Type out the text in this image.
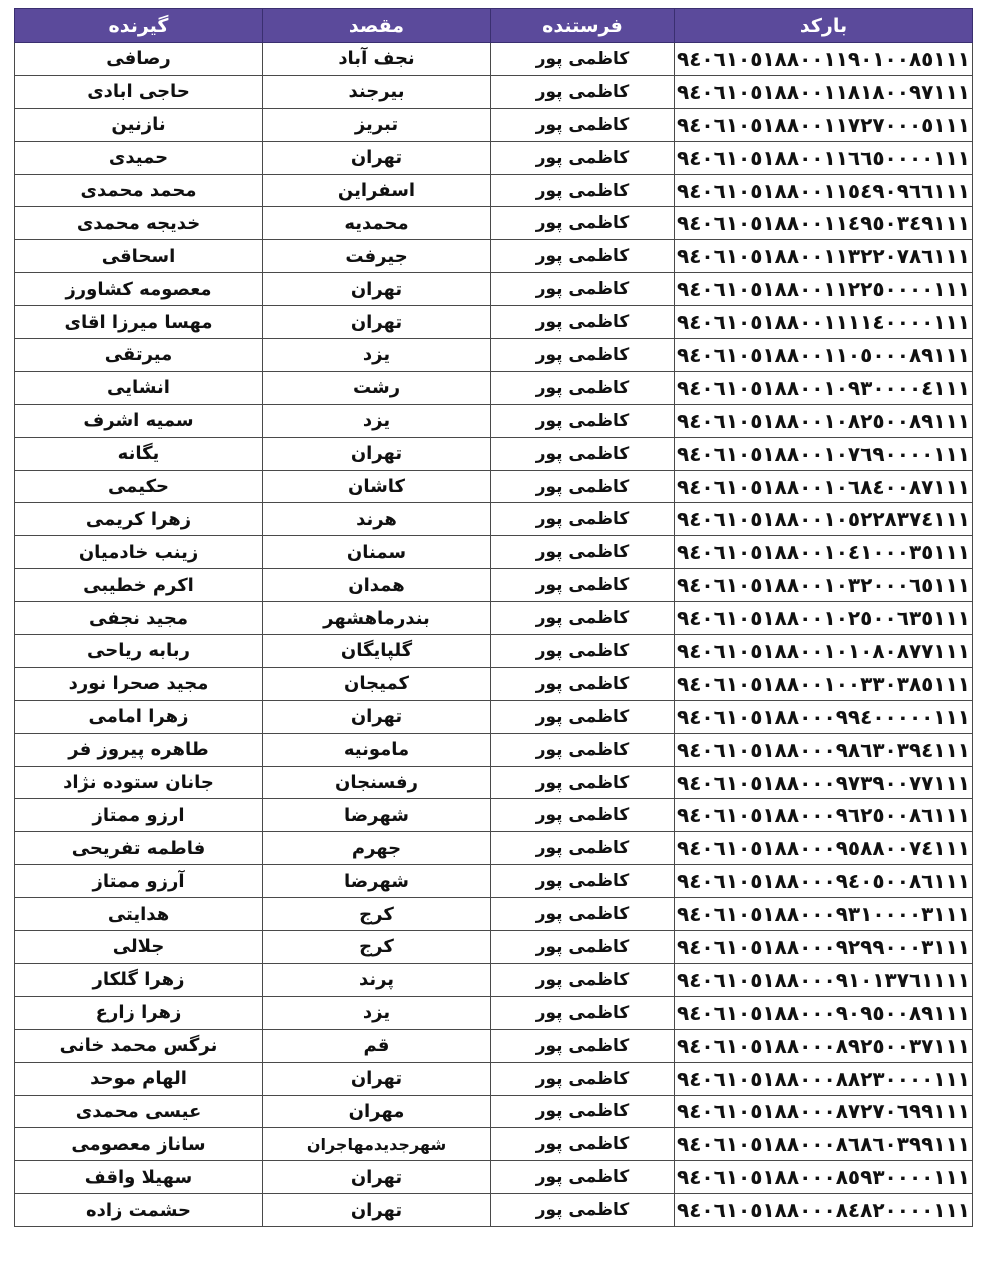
بارکد	فرستنده	مقصد	گیرنده
۹٤٠٦١٠٥١٨٨٠٠١١٩٠١٠٠٨٥١١١	کاظمی پور	نجف آباد	رصافی
۹٤٠٦١٠٥١٨٨٠٠١١٨١٨٠٠٩٧١١١	کاظمی پور	بیرجند	حاجی ابادی
۹٤٠٦١٠٥١٨٨٠٠١١٧٢٧٠٠٠٥١١١	کاظمی پور	تبریز	نازنین
۹٤٠٦١٠٥١٨٨٠٠١١٦٦٥٠٠٠٠١١١	کاظمی پور	تهران	حمیدی
۹٤٠٦١٠٥١٨٨٠٠١١٥٤٩٠٩٦٦١١١	کاظمی پور	اسفراین	محمد محمدی
۹٤٠٦١٠٥١٨٨٠٠١١٤٩٥٠٣٤٩١١١	کاظمی پور	محمدیه	خدیجه محمدی
۹٤٠٦١٠٥١٨٨٠٠١١٣٢٢٠٧٨٦١١١	کاظمی پور	جیرفت	اسحاقی
۹٤٠٦١٠٥١٨٨٠٠١١٢٢٥٠٠٠٠١١١	کاظمی پور	تهران	معصومه کشاورز
۹٤٠٦١٠٥١٨٨٠٠١١١١٤٠٠٠٠١١١	کاظمی پور	تهران	مهسا میرزا اقای
۹٤٠٦١٠٥١٨٨٠٠١١٠٥٠٠٠٨٩١١١	کاظمی پور	یزد	میرتقی
۹٤٠٦١٠٥١٨٨٠٠١٠٩٣٠٠٠٠٤١١١	کاظمی پور	رشت	انشایی
۹٤٠٦١٠٥١٨٨٠٠١٠٨٢٥٠٠٨٩١١١	کاظمی پور	یزد	سمیه اشرف
۹٤٠٦١٠٥١٨٨٠٠١٠٧٦٩٠٠٠٠١١١	کاظمی پور	تهران	یگانه
۹٤٠٦١٠٥١٨٨٠٠١٠٦٨٤٠٠٨٧١١١	کاظمی پور	کاشان	حکیمی
۹٤٠٦١٠٥١٨٨٠٠١٠٥٢٢٨٣٧٤١١١	کاظمی پور	هرند	زهرا کریمی
۹٤٠٦١٠٥١٨٨٠٠١٠٤١٠٠٠٣٥١١١	کاظمی پور	سمنان	زینب خادمیان
۹٤٠٦١٠٥١٨٨٠٠١٠٣٢٠٠٠٦٥١١١	کاظمی پور	همدان	اکرم خطیبی
۹٤٠٦١٠٥١٨٨٠٠١٠٢٥٠٠٦٣٥١١١	کاظمی پور	بندرماهشهر	مجید نجفی
۹٤٠٦١٠٥١٨٨٠٠١٠١٠٨٠٨٧٧١١١	کاظمی پور	گلپایگان	ربابه ریاحی
۹٤٠٦١٠٥١٨٨٠٠١٠٠٣٣٠٣٨٥١١١	کاظمی پور	کمیجان	مجید صحرا نورد
۹٤٠٦١٠٥١٨٨٠٠٠٩٩٤٠٠٠٠٠١١١	کاظمی پور	تهران	زهرا امامی
۹٤٠٦١٠٥١٨٨٠٠٠٩٨٦٣٠٣٩٤١١١	کاظمی پور	مامونیه	طاهره پیروز فر
۹٤٠٦١٠٥١٨٨٠٠٠٩٧٣٩٠٠٧٧١١١	کاظمی پور	رفسنجان	جانان ستوده نژاد
۹٤٠٦١٠٥١٨٨٠٠٠٩٦٢٥٠٠٨٦١١١	کاظمی پور	شهرضا	ارزو ممتاز
۹٤٠٦١٠٥١٨٨٠٠٠٩٥٨٨٠٠٧٤١١١	کاظمی پور	جهرم	فاطمه تفریحی
۹٤٠٦١٠٥١٨٨٠٠٠٩٤٠٥٠٠٨٦١١١	کاظمی پور	شهرضا	آرزو ممتاز
۹٤٠٦١٠٥١٨٨٠٠٠٩٣١٠٠٠٠٣١١١	کاظمی پور	کرج	هدایتی
۹٤٠٦١٠٥١٨٨٠٠٠٩٢٩٩٠٠٠٣١١١	کاظمی پور	کرج	جلالی
۹٤٠٦١٠٥١٨٨٠٠٠٩١٠١٣٧٦١١١١	کاظمی پور	پرند	زهرا گلکار
۹٤٠٦١٠٥١٨٨٠٠٠٩٠٩٥٠٠٨٩١١١	کاظمی پور	یزد	زهرا زارع
۹٤٠٦١٠٥١٨٨٠٠٠٨٩٢٥٠٠٣٧١١١	کاظمی پور	قم	نرگس محمد خانی
۹٤٠٦١٠٥١٨٨٠٠٠٨٨٢٣٠٠٠٠١١١	کاظمی پور	تهران	الهام موحد
۹٤٠٦١٠٥١٨٨٠٠٠٨٧٢٧٠٦٩٩١١١	کاظمی پور	مهران	عیسی محمدی
۹٤٠٦١٠٥١٨٨٠٠٠٨٦٨٦٠٣٩٩١١١	کاظمی پور	شهرجدیدمهاجران	ساناز معصومی
۹٤٠٦١٠٥١٨٨٠٠٠٨٥٩٣٠٠٠٠١١١	کاظمی پور	تهران	سهیلا واقف
۹٤٠٦١٠٥١٨٨٠٠٠٨٤٨٢٠٠٠٠١١١	کاظمی پور	تهران	حشمت زاده
